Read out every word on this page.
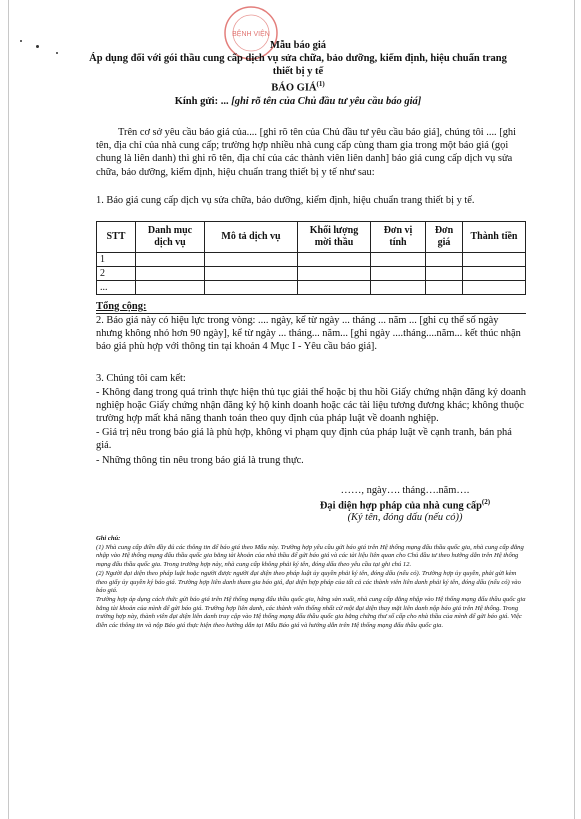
BỆNH VIỆN
Mẫu báo giá
Áp dụng đối với gói thầu cung cấp dịch vụ sửa chữa, bảo dưỡng, kiểm định, hiệu chuẩn trang thiết bị y tế
BÁO GIÁ$^{(1)}$
Kính gửi: ... [ghi rõ tên của Chủ đầu tư yêu cầu báo giá]
Trên cơ sở yêu cầu báo giá của.... [ghi rõ tên của Chủ đầu tư yêu cầu báo giá], chúng tôi .... [ghi tên, địa chỉ của nhà cung cấp; trường hợp nhiều nhà cung cấp cùng tham gia trong một báo giá (gọi chung là liên danh) thì ghi rõ tên, địa chỉ của các thành viên liên danh] báo giá cung cấp dịch vụ sửa chữa, bảo dưỡng, kiểm định, hiệu chuẩn trang thiết bị y tế như sau:
1. Báo giá cung cấp dịch vụ sửa chữa, bảo dưỡng, kiểm định, hiệu chuẩn trang thiết bị y tế.
STT	Danh mục dịch vụ	Mô tả dịch vụ	Khối lượng mời thầu	Đơn vị tính	Đơn giá	Thành tiền
1						
2						
...						
Tổng cộng:
2. Báo giá này có hiệu lực trong vòng: .... ngày, kể từ ngày ... tháng ... năm ... [ghi cụ thể số ngày nhưng không nhỏ hơn 90 ngày], kể từ ngày ... tháng... năm... [ghi ngày ....tháng....năm... kết thúc nhận báo giá phù hợp với thông tin tại khoản 4 Mục I - Yêu cầu báo giá].
3. Chúng tôi cam kết:
- Không đang trong quá trình thực hiện thủ tục giải thể hoặc bị thu hồi Giấy chứng nhận đăng ký doanh nghiệp hoặc Giấy chứng nhận đăng ký hộ kinh doanh hoặc các tài liệu tương đương khác; không thuộc trường hợp mất khả năng thanh toán theo quy định của pháp luật về doanh nghiệp.
- Giá trị nêu trong báo giá là phù hợp, không vi phạm quy định của pháp luật về cạnh tranh, bán phá giá.
- Những thông tin nêu trong báo giá là trung thực.
……, ngày…. tháng….năm….
Đại diện hợp pháp của nhà cung cấp$^{(2)}$
(Ký tên, đóng dấu (nếu có))
Ghi chú:
(1) Nhà cung cấp điền đầy đủ các thông tin để báo giá theo Mẫu này. Trường hợp yêu cầu gửi báo giá trên Hệ thống mạng đấu thầu quốc gia, nhà cung cấp đăng nhập vào Hệ thống mạng đấu thầu quốc gia bằng tài khoản của nhà thầu để gửi báo giá và các tài liệu liên quan cho Chủ đầu tư theo hướng dẫn trên Hệ thống mạng đấu thầu quốc gia. Trong trường hợp này, nhà cung cấp không phải ký tên, đóng dấu theo yêu cầu tại ghi chú 12.
(2) Người đại diện theo pháp luật hoặc người được người đại diện theo pháp luật ủy quyền phải ký tên, đóng dấu (nếu có). Trường hợp ủy quyền, phải gửi kèm theo giấy ủy quyền ký báo giá. Trường hợp liên danh tham gia báo giá, đại diện hợp pháp của tất cả các thành viên liên danh phải ký tên, đóng dấu (nếu có) vào báo giá.
Trường hợp áp dụng cách thức gửi báo giá trên Hệ thống mạng đấu thầu quốc gia, hãng sản xuất, nhà cung cấp đăng nhập vào Hệ thống mạng đấu thầu quốc gia bằng tài khoản của mình để gửi báo giá. Trường hợp liên danh, các thành viên thống nhất cử một đại diện thay mặt liên danh nộp báo giá trên Hệ thống. Trong trường hợp này, thành viên đại diện liên danh truy cập vào Hệ thống mạng đấu thầu quốc gia bằng chứng thư số cấp cho nhà thầu của mình để gửi báo giá. Việc điền các thông tin và nộp Báo giá thực hiện theo hướng dẫn tại Mẫu Báo giá và hướng dẫn trên Hệ thống mạng đấu thầu quốc gia.
